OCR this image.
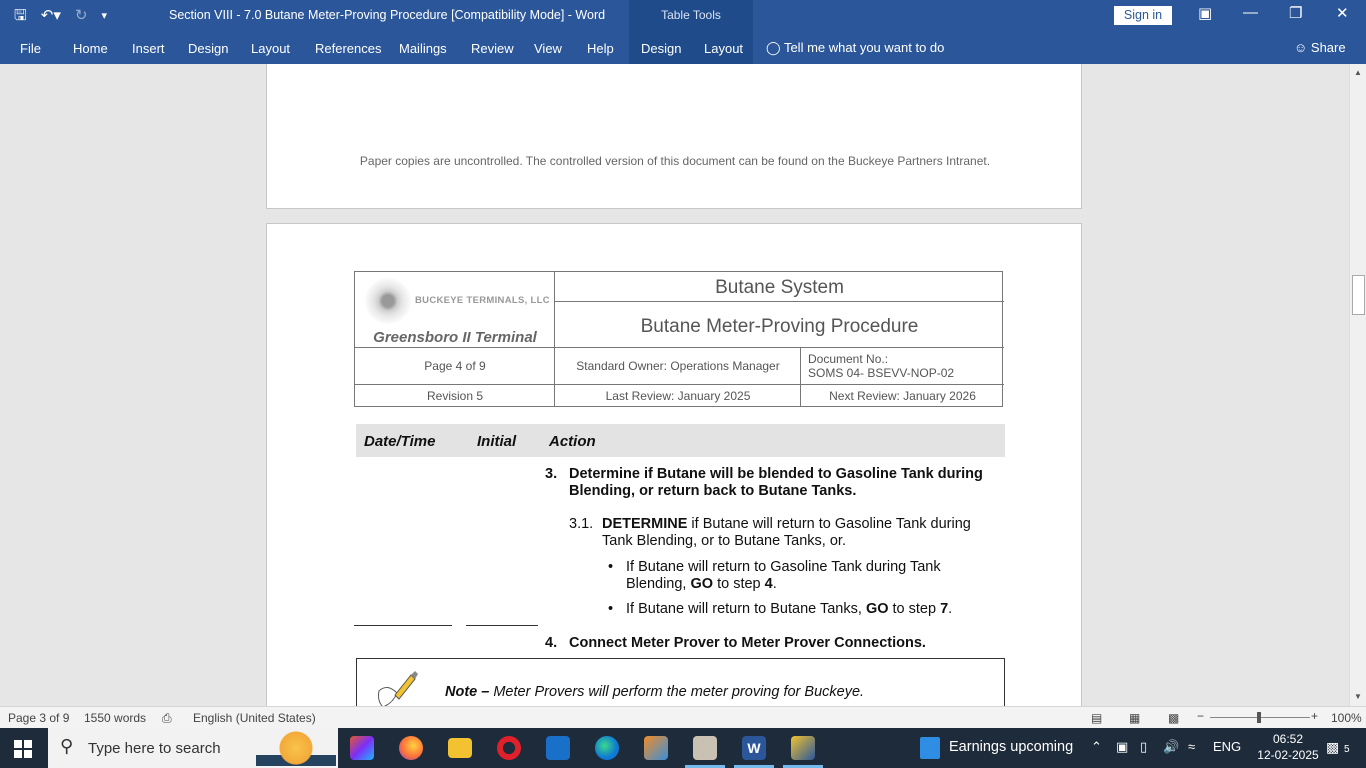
🖫 ↶▾ ↻ ▾	Section VIII - 7.0 Butane Meter-Proving Procedure [Compatibility Mode] - Word	Sign in	▣ — ❐ ✕
File Home Insert Design Layout References Mailings Review View Help
Table Tools
Design Layout ◯ Tell me what you want to do	☺ Share
Paper copies are uncontrolled. The controlled version of this document can be found on the Buckeye Partners Intranet.
BUCKEYE TERMINALS, LLC
Greensboro II Terminal
Butane System
Butane Meter-Proving Procedure
Page 4 of 9	Standard Owner: Operations Manager	Document No.:
SOMS 04- BSEVV-NOP-02
Revision 5	Last Review: January 2025	Next Review: January 2026
Date/Time	Initial Action
3. Determine if Butane will be blended to Gasoline Tank during Blending, or return back to Butane Tanks.
3.1. DETERMINE if Butane will return to Gasoline Tank during Tank Blending, or to Butane Tanks, or.
• If Butane will return to Gasoline Tank during Tank Blending, GO to step 4.
• If Butane will return to Butane Tanks, GO to step 7.
4. Connect Meter Prover to Meter Prover Connections.
Note – Meter Provers will perform the meter proving for Buckeye.
▲
▼
Page 3 of 9 1550 words ⎙ English (United States)	▤ ▦ ▩ −	+ 100%
⚲ Type here to search	W	Earnings upcoming ⌃ ▣ ▯ 🔊 ≈ ENG	06:52
12-02-2025 ▩ 5
